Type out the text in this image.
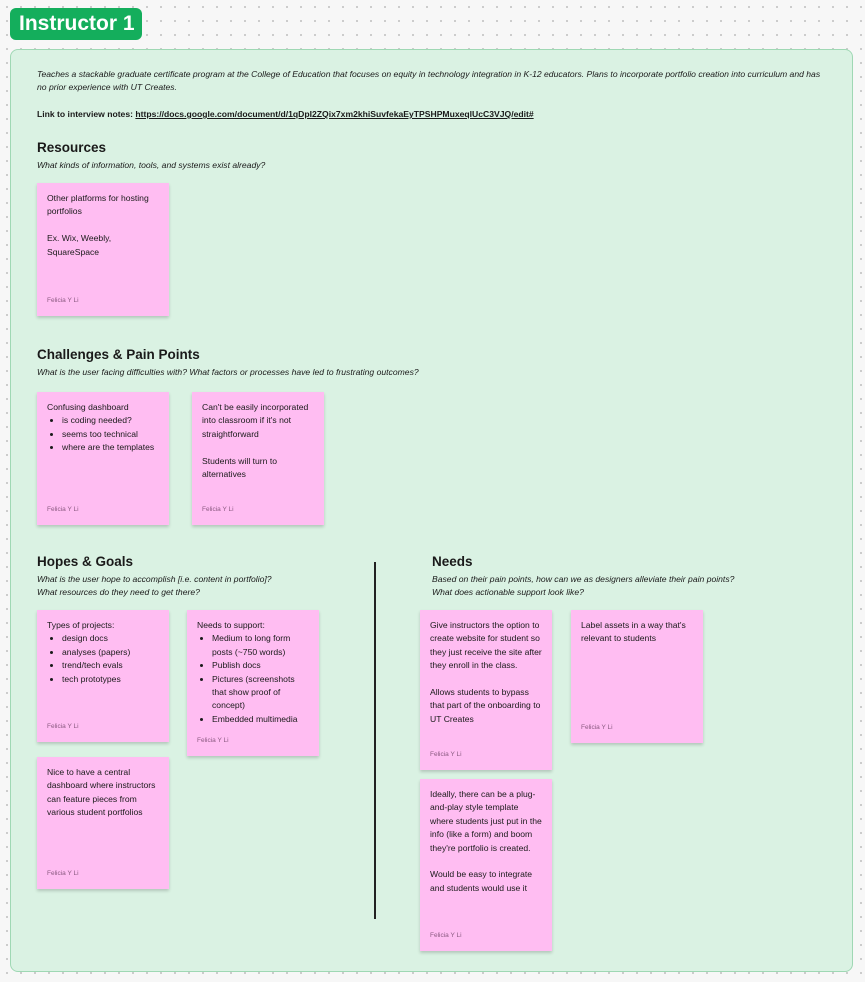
Instructor 1

Teaches a stackable graduate certificate program at the College of Education that focuses on equity in technology integration in K-12 educators. Plans to incorporate portfolio creation into curriculum and has no prior experience with UT Creates.

Link to interview notes: https://docs.google.com/document/d/1qDpI2ZQix7xm2khiSuvfekaEyTPSHPMuxeqlUcC3VJQ/edit#

Resources

What kinds of information, tools, and systems exist already?

Other platforms for hosting portfolios

Ex. Wix, Weebly, SquareSpace

Felicia Y Li

Challenges & Pain Points

What is the user facing difficulties with? What factors or processes have led to frustrating outcomes?

Confusing dashboard

• is coding needed?
• seems too technical
• where are the templates
Felicia Y Li

Can't be easily incorporated into classroom if it's not straightforward

Students will turn to alternatives

Felicia Y Li

Hopes & Goals

What is the user hope to accomplish [i.e. content in portfolio]?

What resources do they need to get there?

Types of projects:

• design docs
• analyses (papers)
• trend/tech evals
• tech prototypes
Felicia Y Li

Needs to support:

• Medium to long form posts (~750 words)
• Publish docs
• Pictures (screenshots that show proof of concept)
• Embedded multimedia
Felicia Y Li

Nice to have a central dashboard where instructors can feature pieces from various student portfolios

Felicia Y Li

Needs

Based on their pain points, how can we as designers alleviate their pain points?

What does actionable support look like?

Give instructors the option to create website for student so they just receive the site after they enroll in the class.

Allows students to bypass that part of the onboarding to UT Creates

Felicia Y Li

Label assets in a way that's relevant to students

Felicia Y Li

Ideally, there can be a plug-and-play style template where students just put in the info (like a form) and boom they're portfolio is created.

Would be easy to integrate and students would use it

Felicia Y Li
